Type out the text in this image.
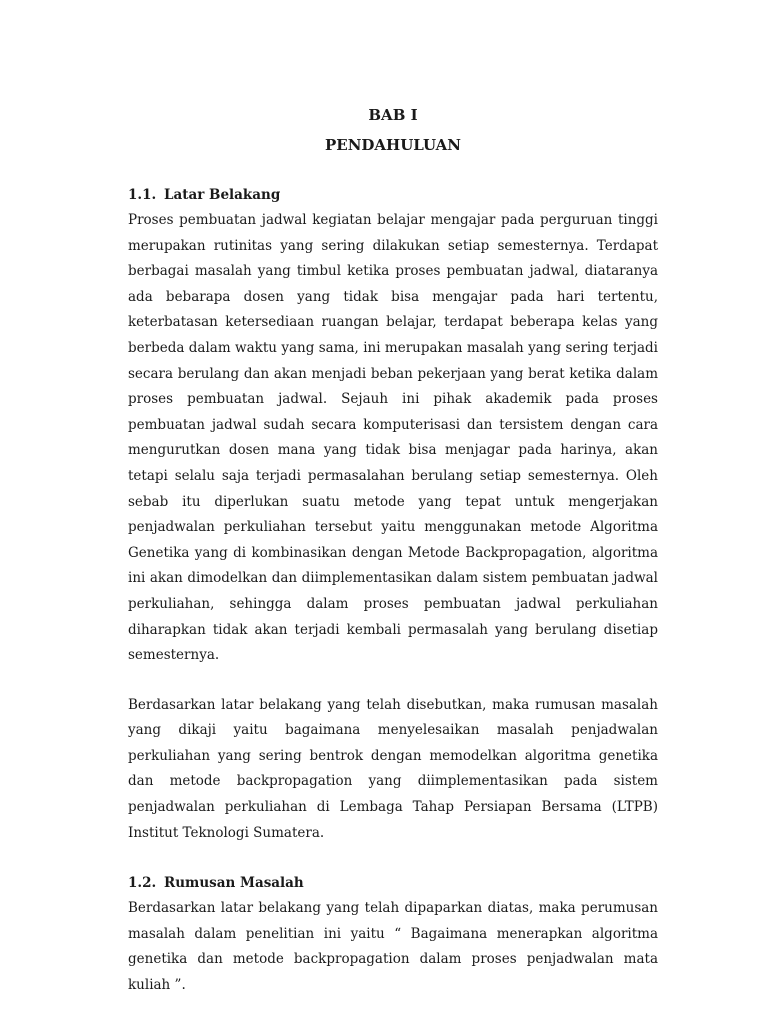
BAB I
PENDAHULUAN
1.1. Latar Belakang

Proses pembuatan jadwal kegiatan belajar mengajar pada perguruan tinggi merupakan rutinitas yang sering dilakukan setiap semesternya. Terdapat berbagai masalah yang timbul ketika proses pembuatan jadwal, diataranya ada bebarapa dosen yang tidak bisa mengajar pada hari tertentu, keterbatasan ketersediaan ruangan belajar, terdapat beberapa kelas yang berbeda dalam waktu yang sama, ini merupakan masalah yang sering terjadi secara berulang dan akan menjadi beban pekerjaan yang berat ketika dalam proses pembuatan jadwal. Sejauh ini pihak akademik pada proses pembuatan jadwal sudah secara komputerisasi dan tersistem dengan cara mengurutkan dosen mana yang tidak bisa menjagar pada harinya, akan tetapi selalu saja terjadi permasalahan berulang setiap semesternya. Oleh sebab itu diperlukan suatu metode yang tepat untuk mengerjakan penjadwalan perkuliahan tersebut yaitu menggunakan metode Algoritma Genetika yang di kombinasikan dengan Metode Backpropagation, algoritma ini akan dimodelkan dan diimplementasikan dalam sistem pembuatan jadwal perkuliahan, sehingga dalam proses pembuatan jadwal perkuliahan diharapkan tidak akan terjadi kembali permasalah yang berulang disetiap semesternya.

Berdasarkan latar belakang yang telah disebutkan, maka rumusan masalah yang dikaji yaitu bagaimana menyelesaikan masalah penjadwalan perkuliahan yang sering bentrok dengan memodelkan algoritma genetika dan metode backpropagation yang diimplementasikan pada sistem penjadwalan perkuliahan di Lembaga Tahap Persiapan Bersama (LTPB) Institut Teknologi Sumatera.

1.2. Rumusan Masalah

Berdasarkan latar belakang yang telah dipaparkan diatas, maka perumusan masalah dalam penelitian ini yaitu “ Bagaimana menerapkan algoritma genetika dan metode backpropagation dalam proses penjadwalan mata kuliah ”.
